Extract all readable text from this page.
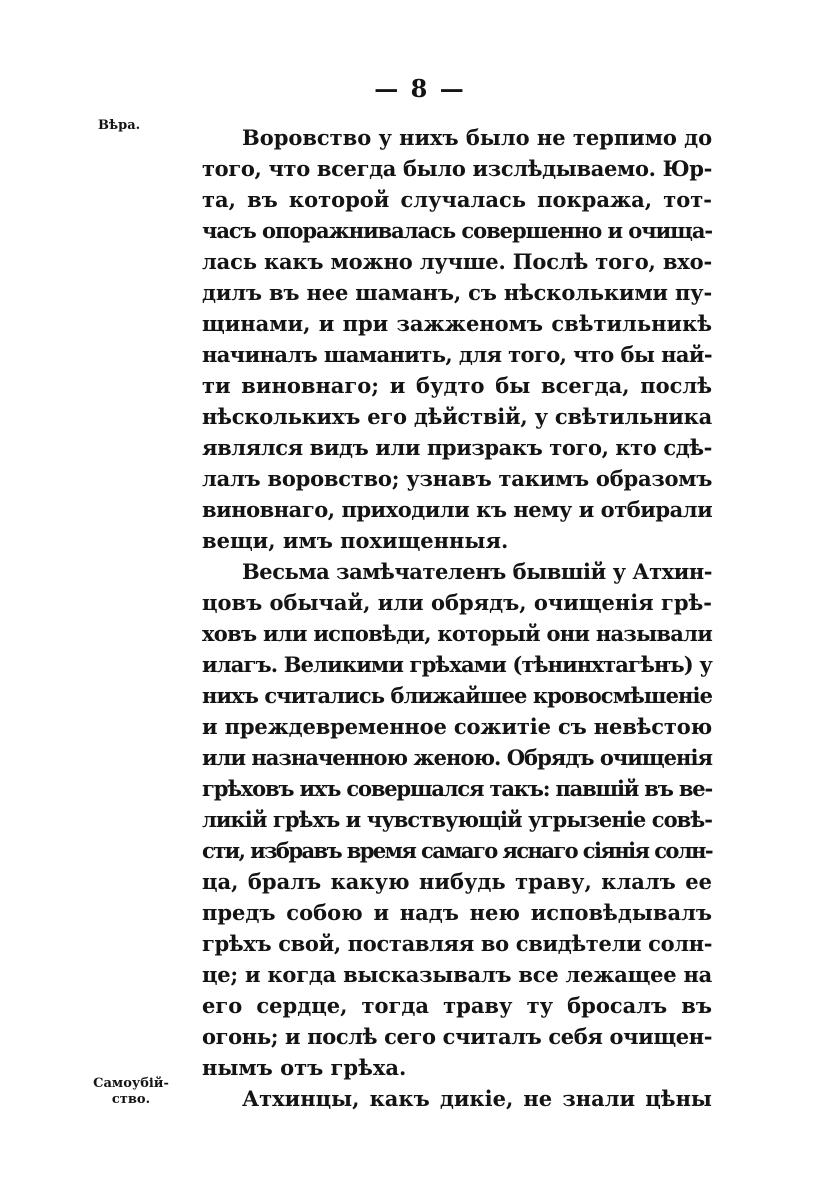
— 8 —
Вѣра.
Самоубій-
ство.
Воровство у нихъ было не терпимо до
того, что всегда было изслѣдываемо. Юр-
та, въ которой случалась покража, тот-
часъ опоражнивалась совершенно и очища-
лась какъ можно лучше. Послѣ того, вхо-
дилъ въ нее шаманъ, съ нѣсколькими пу-
щинами, и при зажженомъ свѣтильникѣ
начиналъ шаманить, для того, что бы най-
ти виновнаго; и будто бы всегда, послѣ
нѣсколькихъ его дѣйствій, у свѣтильника
являлся видъ или призракъ того, кто сдѣ-
лалъ воровство; узнавъ такимъ образомъ
виновнаго, приходили къ нему и отбирали
вещи, имъ похищенныя.
Весьма замѣчателенъ бывшій у Атхин-
цовъ обычай, или обрядъ, очищенія грѣ-
ховъ или исповѣди, который они называли
илагъ. Великими грѣхами (тѣнинхтагѣнъ) у
нихъ считались ближайшее кровосмѣшеніе
и преждевременное сожитіе съ невѣстою
или назначенною женою. Обрядъ очищенія
грѣховъ ихъ совершался такъ: павшій въ ве-
ликій грѣхъ и чувствующій угрызеніе совѣ-
сти, избравъ время самаго яснаго сіянія солн-
ца, бралъ какую нибудь траву, клалъ ее
предъ собою и надъ нею исповѣдывалъ
грѣхъ свой, поставляя во свидѣтели солн-
це; и когда высказывалъ все лежащее на
его сердце, тогда траву ту бросалъ въ
огонь; и послѣ сего считалъ себя очищен-
нымъ отъ грѣха.
Атхинцы, какъ дикіе, не знали цѣны
